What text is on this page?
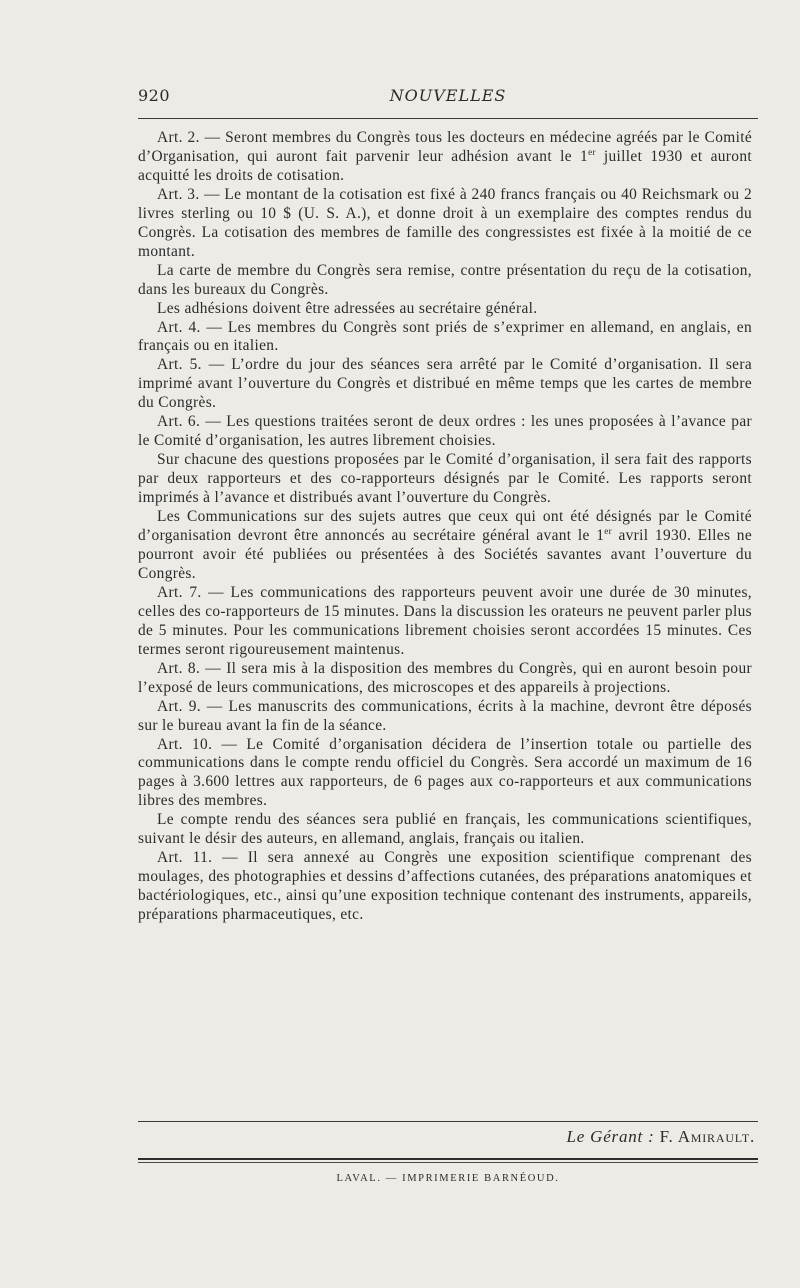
920	NOUVELLES

Art. 2. — Seront membres du Congrès tous les docteurs en médecine agréés par le Comité d’Organisation, qui auront fait parvenir leur adhésion avant le 1er juillet 1930 et auront acquitté les droits de cotisation.

Art. 3. — Le montant de la cotisation est fixé à 240 francs français ou 40 Reichsmark ou 2 livres sterling ou 10 $ (U. S. A.), et donne droit à un exemplaire des comptes rendus du Congrès. La cotisation des membres de famille des congressistes est fixée à la moitié de ce montant.

La carte de membre du Congrès sera remise, contre présentation du reçu de la cotisation, dans les bureaux du Congrès.

Les adhésions doivent être adressées au secrétaire général.

Art. 4. — Les membres du Congrès sont priés de s’exprimer en allemand, en anglais, en français ou en italien.

Art. 5. — L’ordre du jour des séances sera arrêté par le Comité d’organisation. Il sera imprimé avant l’ouverture du Congrès et distribué en même temps que les cartes de membre du Congrès.

Art. 6. — Les questions traitées seront de deux ordres : les unes proposées à l’avance par le Comité d’organisation, les autres librement choisies.

Sur chacune des questions proposées par le Comité d’organisation, il sera fait des rapports par deux rapporteurs et des co-rapporteurs désignés par le Comité. Les rapports seront imprimés à l’avance et distribués avant l’ouverture du Congrès.

Les Communications sur des sujets autres que ceux qui ont été désignés par le Comité d’organisation devront être annoncés au secrétaire général avant le 1er avril 1930. Elles ne pourront avoir été publiées ou présentées à des Sociétés savantes avant l’ouverture du Congrès.

Art. 7. — Les communications des rapporteurs peuvent avoir une durée de 30 minutes, celles des co-rapporteurs de 15 minutes. Dans la discussion les orateurs ne peuvent parler plus de 5 minutes. Pour les communications librement choisies seront accordées 15 minutes. Ces termes seront rigoureusement maintenus.

Art. 8. — Il sera mis à la disposition des membres du Congrès, qui en auront besoin pour l’exposé de leurs communications, des microscopes et des appareils à projections.

Art. 9. — Les manuscrits des communications, écrits à la machine, devront être déposés sur le bureau avant la fin de la séance.

Art. 10. — Le Comité d’organisation décidera de l’insertion totale ou partielle des communications dans le compte rendu officiel du Congrès. Sera accordé un maximum de 16 pages à 3.600 lettres aux rapporteurs, de 6 pages aux co-rapporteurs et aux communications libres des membres.

Le compte rendu des séances sera publié en français, les communications scientifiques, suivant le désir des auteurs, en allemand, anglais, français ou italien.

Art. 11. — Il sera annexé au Congrès une exposition scientifique comprenant des moulages, des photographies et dessins d’affections cutanées, des préparations anatomiques et bactériologiques, etc., ainsi qu’une exposition technique contenant des instruments, appareils, préparations pharmaceutiques, etc.

Le Gérant : F. Amirault.
LAVAL. — IMPRIMERIE BARNÉOUD.
